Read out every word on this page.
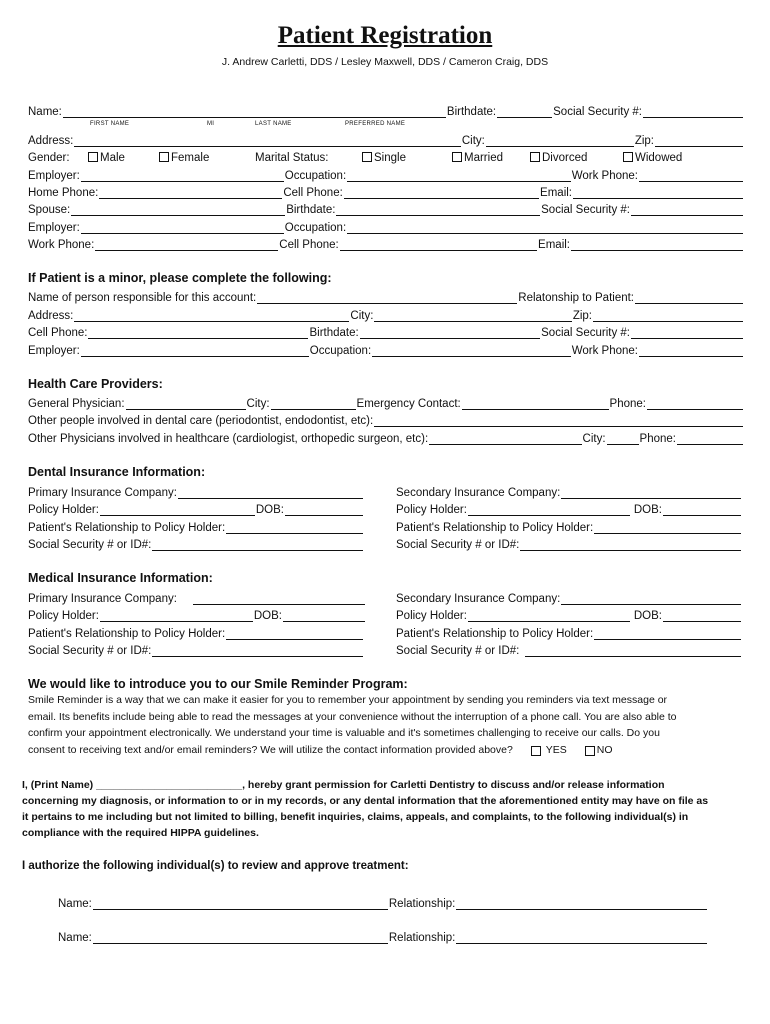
Patient Registration
J. Andrew Carletti, DDS / Lesley Maxwell, DDS / Cameron Craig, DDS
Name:	Birthdate:	Social Security #:
FIRST NAME	MI	LAST NAME	PREFERRED NAME
Address:	City:	Zip:
Gender:	Male	Female	Marital Status:	Single	Married	Divorced	Widowed
Employer:	Occupation:	Work Phone:
Home Phone:	Cell Phone:	Email:
Spouse:	Birthdate:	Social Security #:
Employer:	Occupation:
Work Phone:	Cell Phone:	Email:
If Patient is a minor, please complete the following:
Name of person responsible for this account:	Relatonship to Patient:
Address:	City:	Zip:
Cell Phone:	Birthdate:	Social Security #:
Employer:	Occupation:	Work Phone:
Health Care Providers:
General Physician:	City:	Emergency Contact:	Phone:
Other people involved in dental care (periodontist, endodontist, etc):
Other Physicians involved in healthcare (cardiologist, orthopedic surgeon, etc):	City:	Phone:
Dental Insurance Information:
Primary Insurance Company:
Policy Holder:	DOB:
Patient's Relationship to Policy Holder:
Social Security # or ID#:
Secondary Insurance Company:
Policy Holder:	DOB:
Patient's Relationship to Policy Holder:
Social Security # or ID#:
Medical Insurance Information:
Primary Insurance Company:
Policy Holder:	DOB:
Patient's Relationship to Policy Holder:
Social Security # or ID#:
Secondary Insurance Company:
Policy Holder:	DOB:
Patient's Relationship to Policy Holder:
Social Security # or ID#:
We would like to introduce you to our Smile Reminder Program:
Smile Reminder is a way that we can make it easier for you to remember your appointment by sending you reminders via text message or
email. Its benefits include being able to read the messages at your convenience without the interruption of a phone call. You are also able to
confirm your appointment electronically. We understand your time is valuable and it's sometimes challenging to receive our calls. Do you
consent to receiving text and/or email reminders? We will utilize the contact information provided above?
	YES	NO
I, (Print Name) _________________________, hereby grant permission for Carletti Dentistry to discuss and/or release information
concerning my diagnosis, or information to or in my records, or any dental information that the aforementioned entity may have on file as
it pertains to me including but not limited to billing, benefit inquiries, claims, appeals, and complaints, to the following individual(s) in
compliance with the required HIPPA guidelines.
I authorize the following individual(s) to review and approve treatment:
Name:	Relationship:
Name:	Relationship:
